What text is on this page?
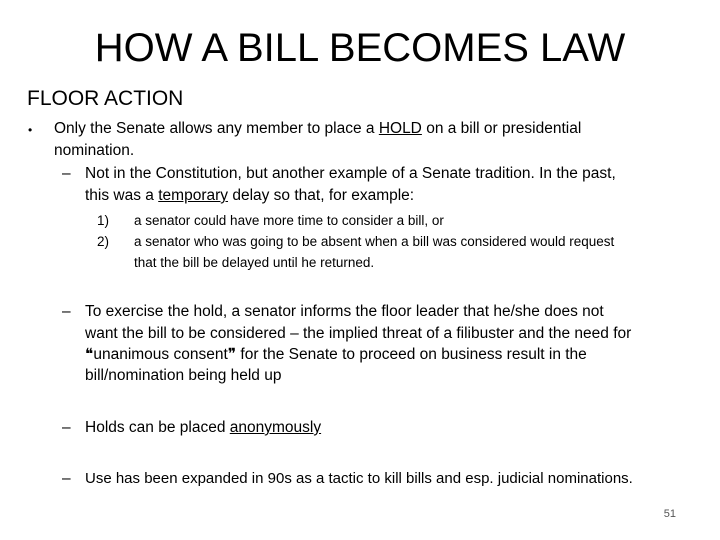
HOW A BILL BECOMES LAW
FLOOR ACTION
• Only the Senate allows any member to place a HOLD on a bill or presidential
nomination.
– Not in the Constitution, but another example of a Senate tradition. In the past,
this was a temporary delay so that, for example:
1) a senator could have more time to consider a bill, or
2) a senator who was going to be absent when a bill was considered would request
that the bill be delayed until he returned.
– To exercise the hold, a senator informs the floor leader that he/she does not
want the bill to be considered – the implied threat of a filibuster and the need for
❝unanimous consent❞ for the Senate to proceed on business result in the
bill/nomination being held up
– Holds can be placed anonymously
– Use has been expanded in 90s as a tactic to kill bills and esp. judicial nominations.
51
